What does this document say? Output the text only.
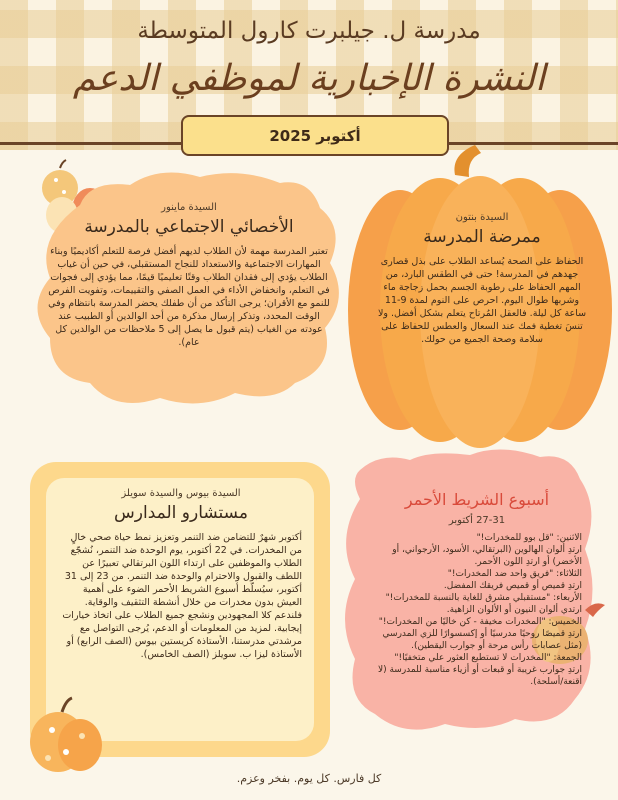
مدرسة ل. جيلبرت كارول المتوسطة
النشرة الإخبارية لموظفي الدعم
أكتوبر 2025
السيدة ماينور
الأخصائي الاجتماعي بالمدرسة
تعتبر المدرسة مهمة لأن الطلاب لديهم أفضل فرصة للتعلم أكاديميًا وبناء المهارات الاجتماعية والاستعداد للنجاح المستقبلي، في حين أن غياب الطلاب يؤدي إلى فقدان الطلاب وقتًا تعليميًا قيمًا، مما يؤدي إلى فجوات في التعلم، وانخفاض الأداء في العمل الصفي والتقييمات، وتفويت الفرص للنمو مع الأقران؛ يرجى التأكد من أن طفلك يحضر المدرسة بانتظام وفي الوقت المحدد، وتذكر إرسال مذكرة من أحد الوالدين أو الطبيب عند عودته من الغياب (يتم قبول ما يصل إلى 5 ملاحظات من الوالدين كل عام).
السيدة بنتون
ممرضة المدرسة
الحفاظ على الصحة يُساعد الطلاب على بذل قصارى جهدهم في المدرسة! حتى في الطقس البارد، من المهم الحفاظ على رطوبة الجسم بحمل زجاجة ماء وشربها طوال اليوم. احرص على النوم لمدة 9-11 ساعة كل ليلة. فالعقل المُرتاح يتعلم بشكل أفضل. ولا تنسَ تغطية فمك عند السعال والعطس للحفاظ على سلامة وصحة الجميع من حولك.
السيدة بيوس والسيدة سويلز
مستشارو المدارس
أكتوبر شهرٌ للتضامن ضد التنمر وتعزيز نمط حياة صحي خالٍ من المخدرات. في 22 أكتوبر، يوم الوحدة ضد التنمر، نُشجّع الطلاب والموظفين على ارتداء اللون البرتقالي تعبيرًا عن اللطف والقبول والاحترام والوحدة ضد التنمر. من 23 إلى 31 أكتوبر، سيُسلّط أسبوع الشريط الأحمر الضوء على أهمية العيش بدون مخدرات من خلال أنشطة التثقيف والوقاية. فلندعم كلا المجهودين ونشجع جميع الطلاب على اتخاذ خيارات إيجابية. لمزيد من المعلومات أو الدعم، يُرجى التواصل مع مرشدتي مدرستنا، الأستاذة كريستين بيوس (الصف الرابع) أو الأستاذة ليزا ب. سويلز (الصف الخامس).
أسبوع الشريط الأحمر
27-31 أكتوبر
الاثنين: "قل بوو للمخدرات!"
ارتدِ ألوان الهالوين (البرتقالي، الأسود، الأرجواني، أو الأخضر) أو ارتدِ اللون الأحمر.
الثلاثاء: "فريق واحد ضد المخدرات!"
ارتدِ قميص أو قميص فريقك المفضل.
الأربعاء: "مستقبلي مشرق للغاية بالنسبة للمخدرات!"
ارتدي ألوان النيون أو الألوان الزاهية.
الخميس: "المخدرات مخيفة - كن خاليًا من المخدرات!"
ارتدِ قميصًا روحيًا مدرسيًا أو إكسسوارًا للزي المدرسي (مثل عصابات رأس مرحة أو جوارب اليقطين).
الجمعة: "المخدرات لا تستطيع العثور علي متخفيًا!"
ارتدِ جوارب غريبة أو قبعات أو أزياء مناسبة للمدرسة (لا أقنعة/أسلحة).
كل فارس. كل يوم. بفخر وعزم.
